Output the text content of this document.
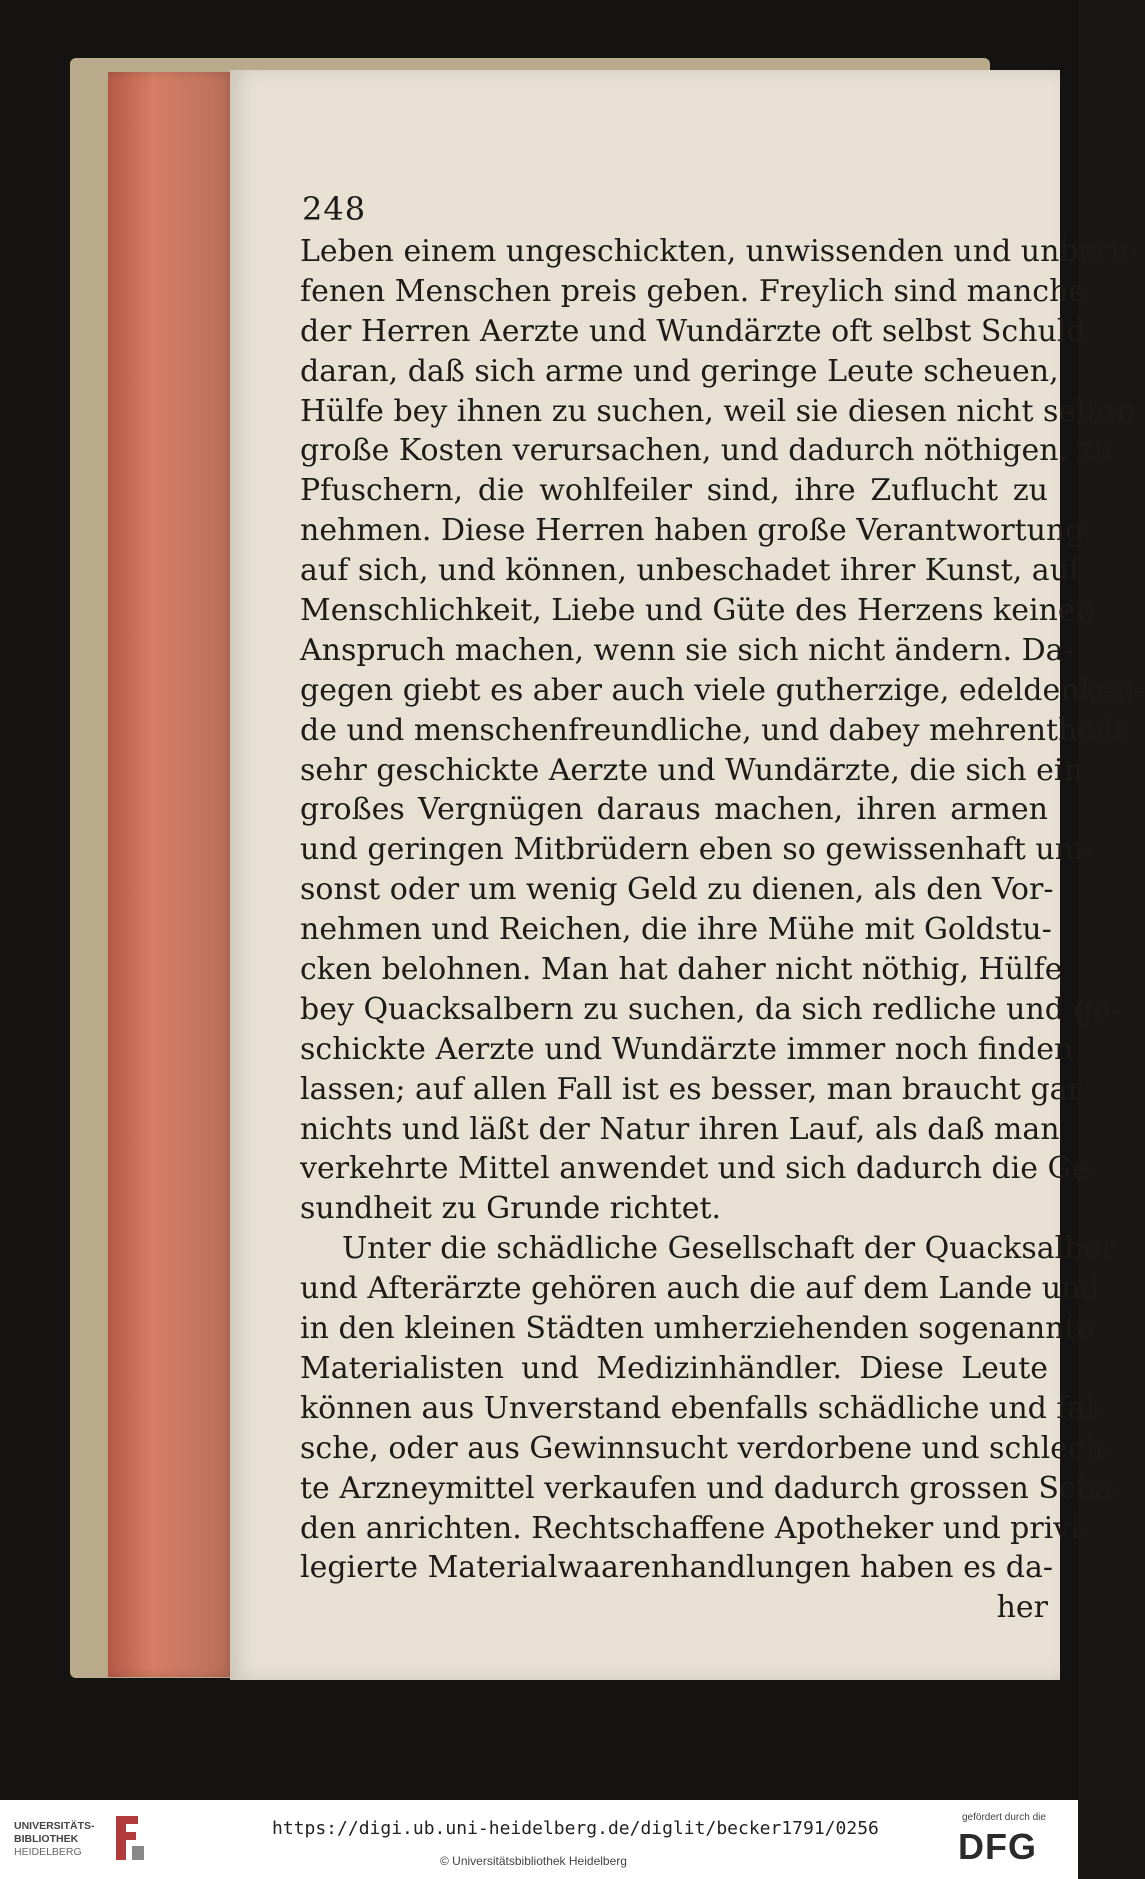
248
Leben einem ungeschickten, unwissenden und unberu-
fenen Menschen preis geben. Freylich sind manche
der Herren Aerzte und Wundärzte oft selbst Schuld
daran, daß sich arme und geringe Leute scheuen,
Hülfe bey ihnen zu suchen, weil sie diesen nicht selten
große Kosten verursachen, und dadurch nöthigen, zu
Pfuschern, die wohlfeiler sind, ihre Zuflucht zu
nehmen. Diese Herren haben große Verantwortung
auf sich, und können, unbeschadet ihrer Kunst, auf
Menschlichkeit, Liebe und Güte des Herzens keinen
Anspruch machen, wenn sie sich nicht ändern. Da-
gegen giebt es aber auch viele gutherzige, edeldenken-
de und menschenfreundliche, und dabey mehrentheils
sehr geschickte Aerzte und Wundärzte, die sich ein
großes Vergnügen daraus machen, ihren armen
und geringen Mitbrüdern eben so gewissenhaft um-
sonst oder um wenig Geld zu dienen, als den Vor-
nehmen und Reichen, die ihre Mühe mit Goldstu-
cken belohnen. Man hat daher nicht nöthig, Hülfe
bey Quacksalbern zu suchen, da sich redliche und ge-
schickte Aerzte und Wundärzte immer noch finden
lassen; auf allen Fall ist es besser, man braucht gar
nichts und läßt der Natur ihren Lauf, als daß man
verkehrte Mittel anwendet und sich dadurch die Ge-
sundheit zu Grunde richtet.
Unter die schädliche Gesellschaft der Quacksalber
und Afterärzte gehören auch die auf dem Lande und
in den kleinen Städten umherziehenden sogenannte
Materialisten und Medizinhändler. Diese Leute
können aus Unverstand ebenfalls schädliche und fal-
sche, oder aus Gewinnsucht verdorbene und schlech-
te Arzneymittel verkaufen und dadurch grossen Scha-
den anrichten. Rechtschaffene Apotheker und privi-
legierte Materialwaarenhandlungen haben es da-
her
UNIVERSITÄTS-
BIBLIOTHEK
HEIDELBERG
https://digi.ub.uni-heidelberg.de/diglit/becker1791/0256
© Universitätsbibliothek Heidelberg
gefördert durch die
DFG
